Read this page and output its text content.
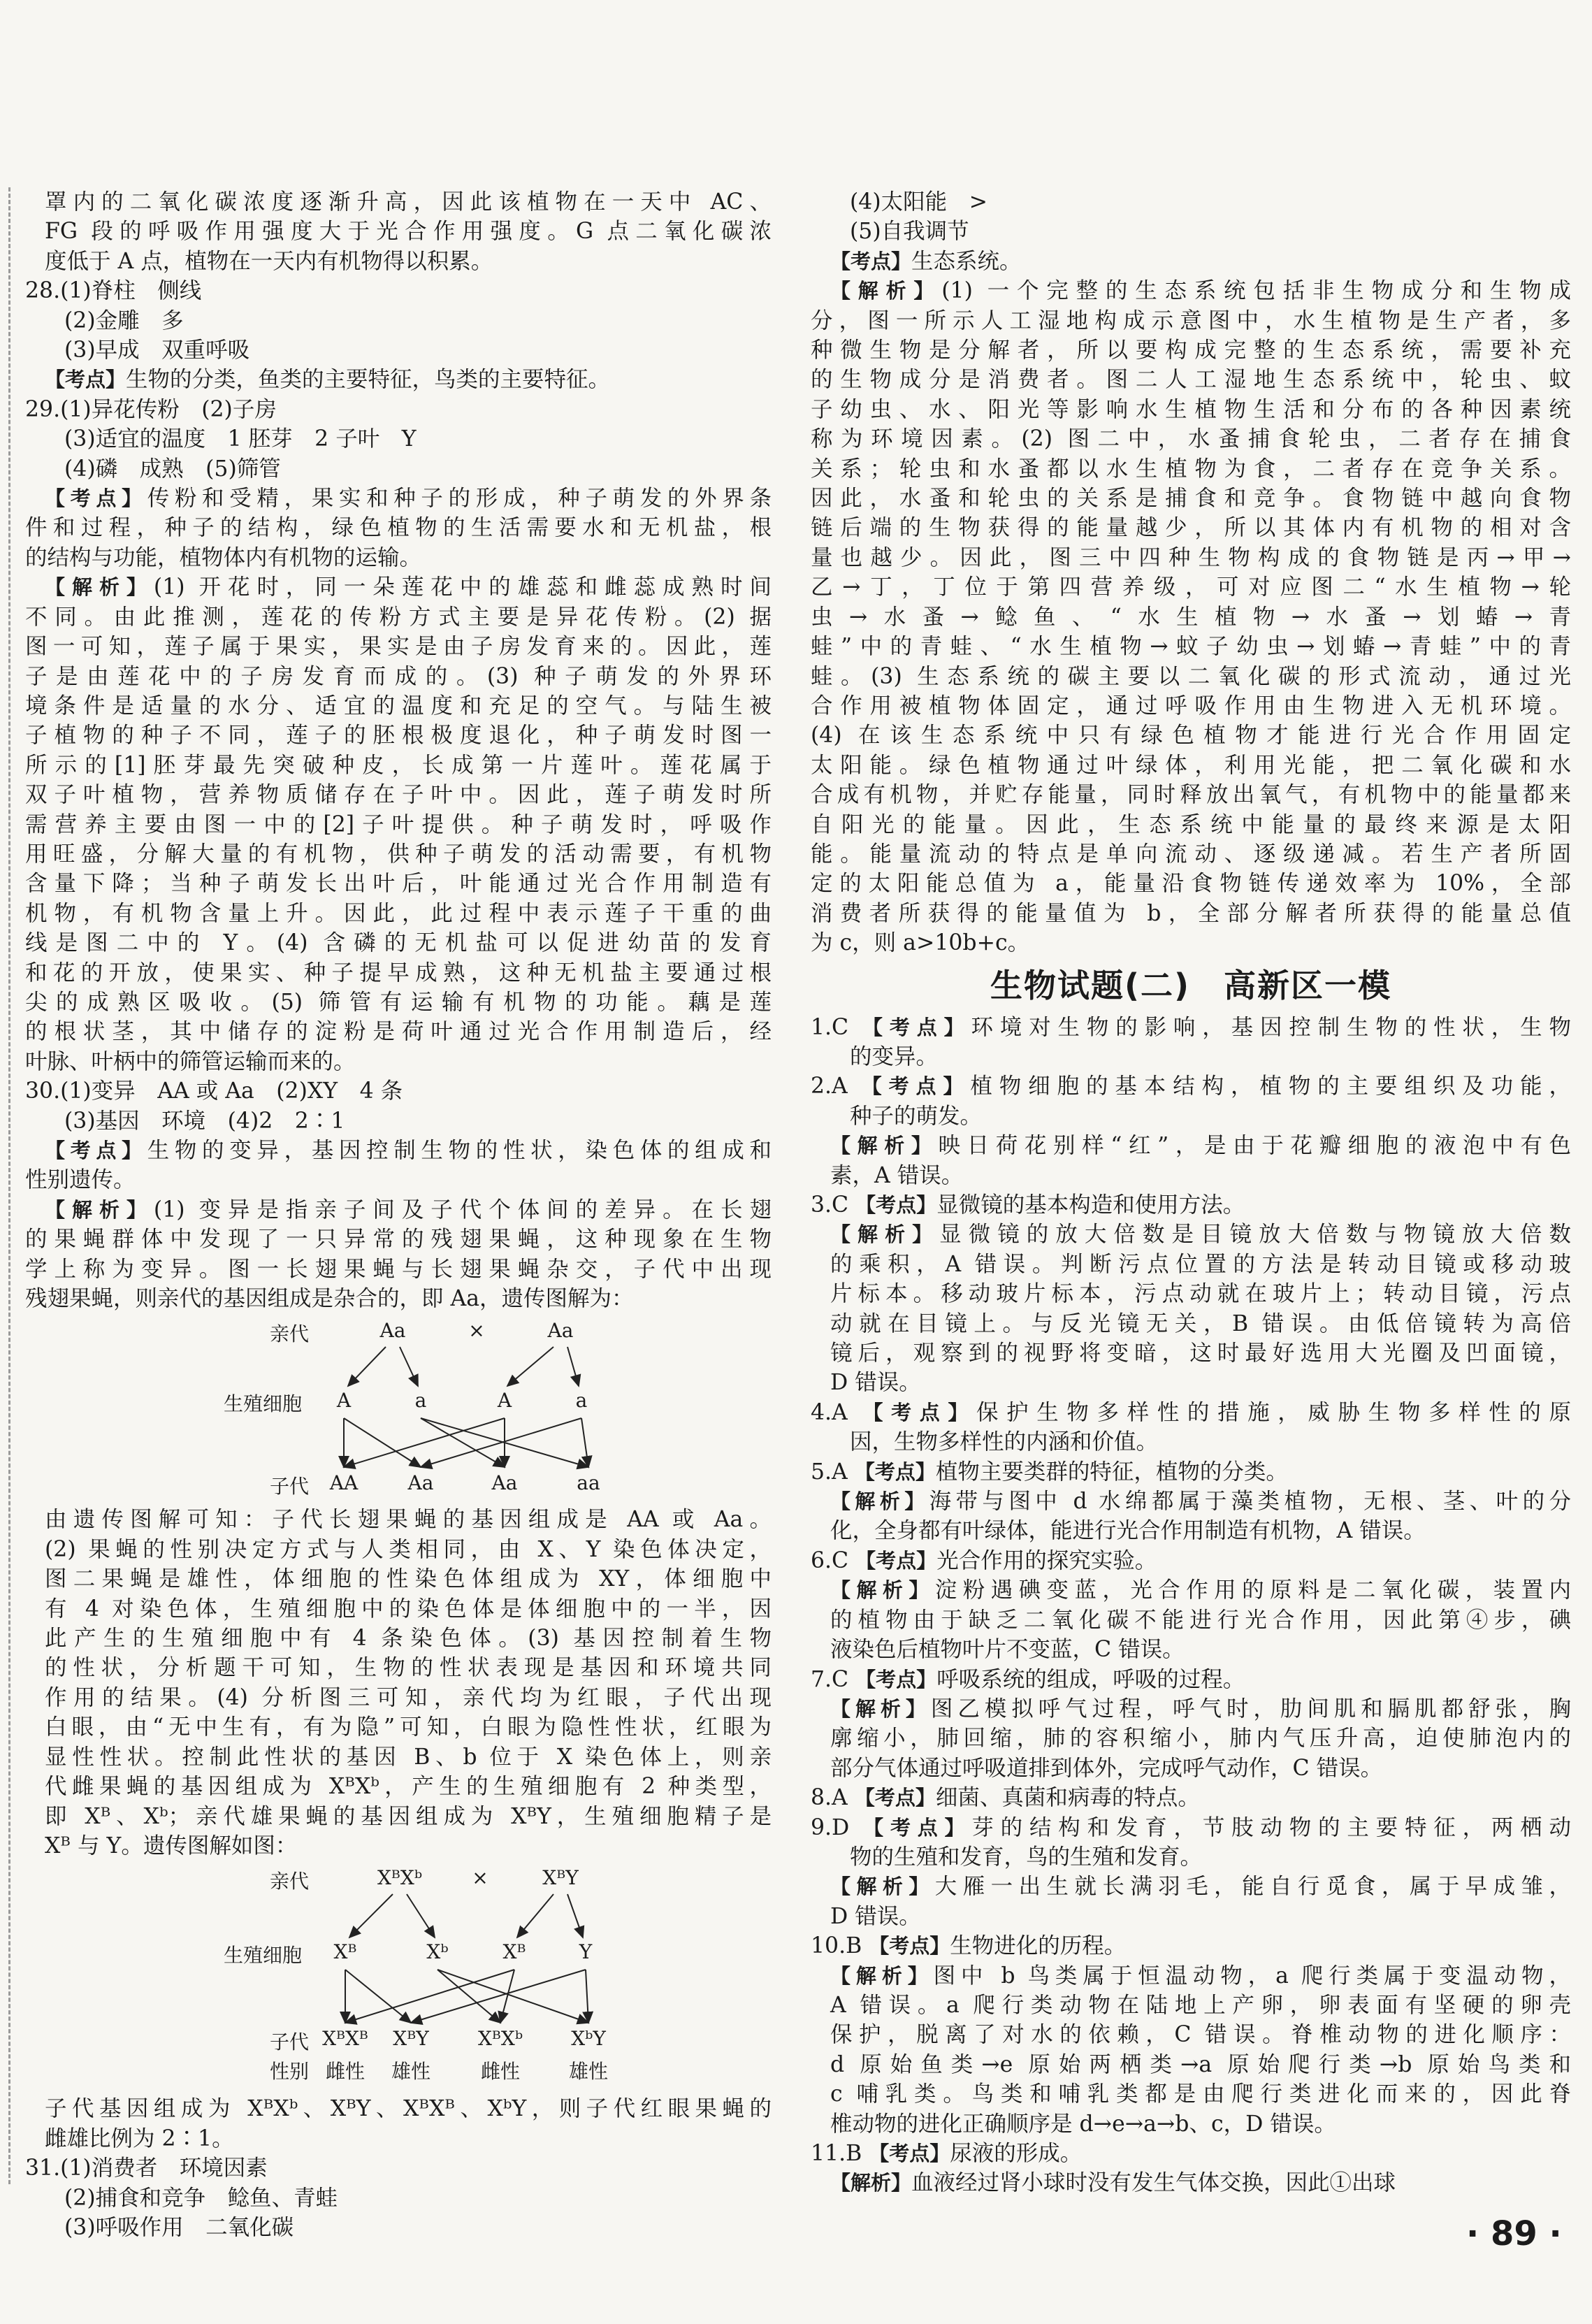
罩内的二氧化碳浓度逐渐升高，因此该植物在一天中 AC、
FG 段的呼吸作用强度大于光合作用强度。G 点二氧化碳浓
度低于 A 点，植物在一天内有机物得以积累。
28.(1)脊柱　侧线
(2)金雕　多
(3)早成　双重呼吸
【考点】生物的分类，鱼类的主要特征，鸟类的主要特征。
29.(1)异花传粉　(2)子房
(3)适宜的温度　1 胚芽　2 子叶　Y
(4)磷　成熟　(5)筛管
【考点】传粉和受精，果实和种子的形成，种子萌发的外界条
件和过程，种子的结构，绿色植物的生活需要水和无机盐，根
的结构与功能，植物体内有机物的运输。
【解析】(1) 开花时，同一朵莲花中的雄蕊和雌蕊成熟时间
不同。由此推测，莲花的传粉方式主要是异花传粉。(2) 据
图一可知，莲子属于果实，果实是由子房发育来的。因此，莲
子是由莲花中的子房发育而成的。(3) 种子萌发的外界环
境条件是适量的水分、适宜的温度和充足的空气。与陆生被
子植物的种子不同，莲子的胚根极度退化，种子萌发时图一
所示的[1]胚芽最先突破种皮，长成第一片莲叶。莲花属于
双子叶植物，营养物质储存在子叶中。因此，莲子萌发时所
需营养主要由图一中的[2]子叶提供。种子萌发时，呼吸作
用旺盛，分解大量的有机物，供种子萌发的活动需要，有机物
含量下降；当种子萌发长出叶后，叶能通过光合作用制造有
机物，有机物含量上升。因此，此过程中表示莲子干重的曲
线是图二中的 Y。(4) 含磷的无机盐可以促进幼苗的发育
和花的开放，使果实、种子提早成熟，这种无机盐主要通过根
尖的成熟区吸收。(5) 筛管有运输有机物的功能。藕是莲
的根状茎，其中储存的淀粉是荷叶通过光合作用制造后，经
叶脉、叶柄中的筛管运输而来的。
30.(1)变异　AA 或 Aa　(2)XY　4 条
(3)基因　环境　(4)2　2∶1
【考点】生物的变异，基因控制生物的性状，染色体的组成和
性别遗传。
【解析】(1) 变异是指亲子间及子代个体间的差异。在长翅
的果蝇群体中发现了一只异常的残翅果蝇，这种现象在生物
学上称为变异。图一长翅果蝇与长翅果蝇杂交，子代中出现
残翅果蝇，则亲代的基因组成是杂合的，即 Aa，遗传图解为：
亲代	Aa	×	Aa
生殖细胞 A	a	A	a
子代 AA	Aa	Aa	aa
由遗传图解可知：子代长翅果蝇的基因组成是 AA 或 Aa。
(2) 果蝇的性别决定方式与人类相同，由 X、Y 染色体决定，
图二果蝇是雄性，体细胞的性染色体组成为 XY，体细胞中
有 4 对染色体，生殖细胞中的染色体是体细胞中的一半，因
此产生的生殖细胞中有 4 条染色体。(3) 基因控制着生物
的性状，分析题干可知，生物的性状表现是基因和环境共同
作用的结果。(4) 分析图三可知，亲代均为红眼，子代出现
白眼，由“无中生有，有为隐”可知，白眼为隐性性状，红眼为
显性性状。控制此性状的基因 B、b 位于 X 染色体上，则亲
代雌果蝇的基因组成为 XᴮXᵇ，产生的生殖细胞有 2 种类型，
即 Xᴮ、Xᵇ；亲代雄果蝇的基因组成为 XᴮY，生殖细胞精子是
Xᴮ 与 Y。遗传图解如图：
亲代	XᴮXᵇ	×	XᴮY
生殖细胞 Xᴮ	Xᵇ	Xᴮ	Y
子代 XᴮXᴮ XᴮY	XᴮXᵇ XᵇY
性别 雌性 雄性	雌性 雄性
子代基因组成为 XᴮXᵇ、XᴮY、XᴮXᴮ、XᵇY，则子代红眼果蝇的
雌雄比例为 2∶1。
31.(1)消费者　环境因素
(2)捕食和竞争　鲶鱼、青蛙
(3)呼吸作用　二氧化碳
(4)太阳能　>
(5)自我调节
【考点】生态系统。
【解析】(1) 一个完整的生态系统包括非生物成分和生物成
分，图一所示人工湿地构成示意图中，水生植物是生产者，多
种微生物是分解者，所以要构成完整的生态系统，需要补充
的生物成分是消费者。图二人工湿地生态系统中，轮虫、蚊
子幼虫、水、阳光等影响水生植物生活和分布的各种因素统
称为环境因素。(2) 图二中，水蚤捕食轮虫，二者存在捕食
关系；轮虫和水蚤都以水生植物为食，二者存在竞争关系。
因此，水蚤和轮虫的关系是捕食和竞争。食物链中越向食物
链后端的生物获得的能量越少，所以其体内有机物的相对含
量也越少。因此，图三中四种生物构成的食物链是丙→甲→
乙→丁，丁位于第四营养级，可对应图二“水生植物→轮
虫→水蚤→鲶鱼、“水生植物→水蚤→划蝽→青
蛙”中的青蛙、“水生植物→蚊子幼虫→划蝽→青蛙”中的青
蛙。(3) 生态系统的碳主要以二氧化碳的形式流动，通过光
合作用被植物体固定，通过呼吸作用由生物进入无机环境。
(4) 在该生态系统中只有绿色植物才能进行光合作用固定
太阳能。绿色植物通过叶绿体，利用光能，把二氧化碳和水
合成有机物，并贮存能量，同时释放出氧气，有机物中的能量都来
自阳光的能量。因此，生态系统中能量的最终来源是太阳
能。能量流动的特点是单向流动、逐级递减。若生产者所固
定的太阳能总值为 a，能量沿食物链传递效率为 10%，全部
消费者所获得的能量值为 b，全部分解者所获得的能量总值
为 c，则 a>10b+c。
生物试题(二)　高新区一模
1.C 【考点】环境对生物的影响，基因控制生物的性状，生物
的变异。
2.A 【考点】植物细胞的基本结构，植物的主要组织及功能，
种子的萌发。
【解析】映日荷花别样“红”，是由于花瓣细胞的液泡中有色
素，A 错误。
3.C 【考点】显微镜的基本构造和使用方法。
【解析】显微镜的放大倍数是目镜放大倍数与物镜放大倍数
的乘积，A 错误。判断污点位置的方法是转动目镜或移动玻
片标本。移动玻片标本，污点动就在玻片上；转动目镜，污点
动就在目镜上。与反光镜无关，B 错误。由低倍镜转为高倍
镜后，观察到的视野将变暗，这时最好选用大光圈及凹面镜，
D 错误。
4.A 【考点】保护生物多样性的措施，威胁生物多样性的原
因，生物多样性的内涵和价值。
5.A 【考点】植物主要类群的特征，植物的分类。
【解析】海带与图中 d 水绵都属于藻类植物，无根、茎、叶的分
化，全身都有叶绿体，能进行光合作用制造有机物，A 错误。
6.C 【考点】光合作用的探究实验。
【解析】淀粉遇碘变蓝，光合作用的原料是二氧化碳，装置内
的植物由于缺乏二氧化碳不能进行光合作用，因此第④步，碘
液染色后植物叶片不变蓝，C 错误。
7.C 【考点】呼吸系统的组成，呼吸的过程。
【解析】图乙模拟呼气过程，呼气时，肋间肌和膈肌都舒张，胸
廓缩小，肺回缩，肺的容积缩小，肺内气压升高，迫使肺泡内的
部分气体通过呼吸道排到体外，完成呼气动作，C 错误。
8.A 【考点】细菌、真菌和病毒的特点。
9.D 【考点】芽的结构和发育，节肢动物的主要特征，两栖动
物的生殖和发育，鸟的生殖和发育。
【解析】大雁一出生就长满羽毛，能自行觅食，属于早成雏，
D 错误。
10.B 【考点】生物进化的历程。
【解析】图中 b 鸟类属于恒温动物，a 爬行类属于变温动物，
A 错误。a 爬行类动物在陆地上产卵，卵表面有坚硬的卵壳
保护，脱离了对水的依赖，C 错误。脊椎动物的进化顺序：
d 原始鱼类→e 原始两栖类→a 原始爬行类→b 原始鸟类和
c 哺乳类。鸟类和哺乳类都是由爬行类进化而来的，因此脊
椎动物的进化正确顺序是 d→e→a→b、c，D 错误。
11.B 【考点】尿液的形成。
【解析】血液经过肾小球时没有发生气体交换，因此①出球
· 89 ·
